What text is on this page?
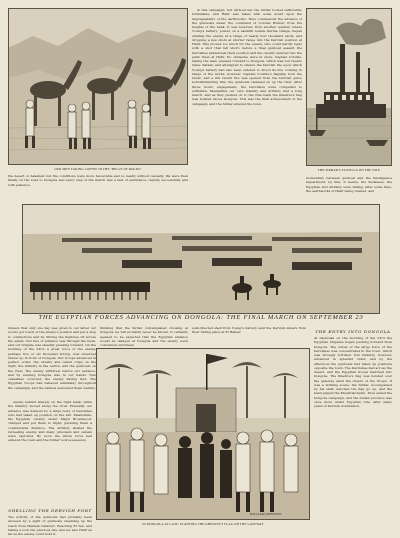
OUR MEN TAKING COFFEE IN THE "BELLY OF ROCKS"

in this campaign; but without her the Sirdar looked sufficiently formidable, and Hafir was taken with some doubt upon the impregnability of the earthworks. Thus commenced the advance of the gunboats under the command of Colonel Hunter, from the heights of the bank. It was however, from another quarter, where Young's battery, posted on a sandhill beside Kerma village, began shelling the enemy at a range of nearly four thousand yards, and dropping a few shots at shorter range into the Dervish position at Hafir. This proved too much for the enemy, who could hardly reply with a shot that fell short; before a final gunboat assault the Dervishes abandoned their position and the cavalry entered into the palm trees at Hafir. No obstacles were in store, Captain Colville, taking the lead, pressed forward to Dongola, which was but twenty miles distant, and attempted to silence the Dervish fire upon which Young's battery had also been ordered to direct its fire. Coming in range of the works, however, Captain Colville's flagship bore the brunt, and a full return fire was opened from the Dervish guns; notwithstanding this, the gunboats steamed on up the river. After three hours' engagement, the Dervishes were compelled to withdraw. Meanwhile our own infantry and artillery had a long march, and as they pushed on to the Nile bank the Khedive's flag was hoisted above Dongola. This was the final achievement of the campaign, and the Sirdar entered the town.

THE SIRDAR'S FLOTILLA ON THE NILE

the desert or Akasheh; but the conditions were more favourable and so nearly without casualty. We were then finally on the road to Dongola and every step of the march was a feat of endurance, rapidly, successfully and with patience.

momentary between gunboat and the Intelligence Department, by him, it seems, the Sudanese, the Egyptian and artillery were falling, after some time, the earthworks of Hafir being cleared, and

THE EGYPTIAN FORCES ADVANCING ON DONGOLA: THE FINAL MARCH ON SEPTEMBER 23

indeed, that only one day was given to our latter our scouts got touch of the enemy's position and put a stop to commotions and by driving the fugitives off across the sands. Our line of advance was through the bush, and our brigade was steadily pressing forward. On the morning of the 23rd, a great force of the enemy, perhaps five or six thousand strong, was observed drawn up in front of Dongola. Our troops advanced in perfect order; the cavalry and camel corps on the right, the infantry in the centre, and the gunboats on the river. The enemy withdrew before our advance, and by evening Dongola was in our hands. Few casualties occurred, the enemy having fled. The Egyptian troops had behaved admirably throughout the campaign, and the natives welcomed them warmly.

thinking that the Sirdar contemplated crossing at Dongola, he will probably never be known. It certainly seemed to be expected that the Egyptian advance would be delayed at Dongola and the enemy were completely surprised.

well-directed shell from Young's battery sent the Dervish miners from their hiding place at El Hafeer.

IN DONGOLA AT LAST: PLANTING THE KHEDIVE'S FLAG ON THE GATEWAY

enemy behind sharply on the right bank, while the infantry moved along the river. Presently our advance was delayed by a large body of Dervishes who had taken up position on the left. Meanwhile, the Egyptian cavalry, under Major Broadwood, charged and put them to flight, pursuing them a considerable distance. The artillery shelled the retreating enemy, and many prisoners and camels were captured. By noon the whole force had entered the town and the Sirdar took possession.

SHELLING THE DERVISH FORT
The activity of the gunboats had probably been aroused by a sight of gunboats steaming up the reach from Hannek Cataract. Reaching El Teb, and taking a look the previous day, and we saw Hafir as far as the enemy could hold it.
THE ENTRY INTO DONGOLA
At daybreak on the morning of the 23rd the Egyptian brigades began pushing forward from Dongola. The whole of the large force of the Dervishes was concentrated in the town, which was strongly fortified. Our infantry, however, advanced in splendid order, and by the afternoon the gunboats had taken up positions opposite the town. The Dervishes fled across the desert, and the Egyptian troops marched into Dongola. The Khedive's flag was hoisted over the gateway amid the cheers of the troops. It was a striking scene: the Sirdar, accompanied by his staff, watched the flag go up, and the band played the Khedivial hymn. Thus ended the Dongola campaign, and the Sudan province was once more under Egyptian rule, after many years of Dervish domination.
WILLIAM JOHNSON
